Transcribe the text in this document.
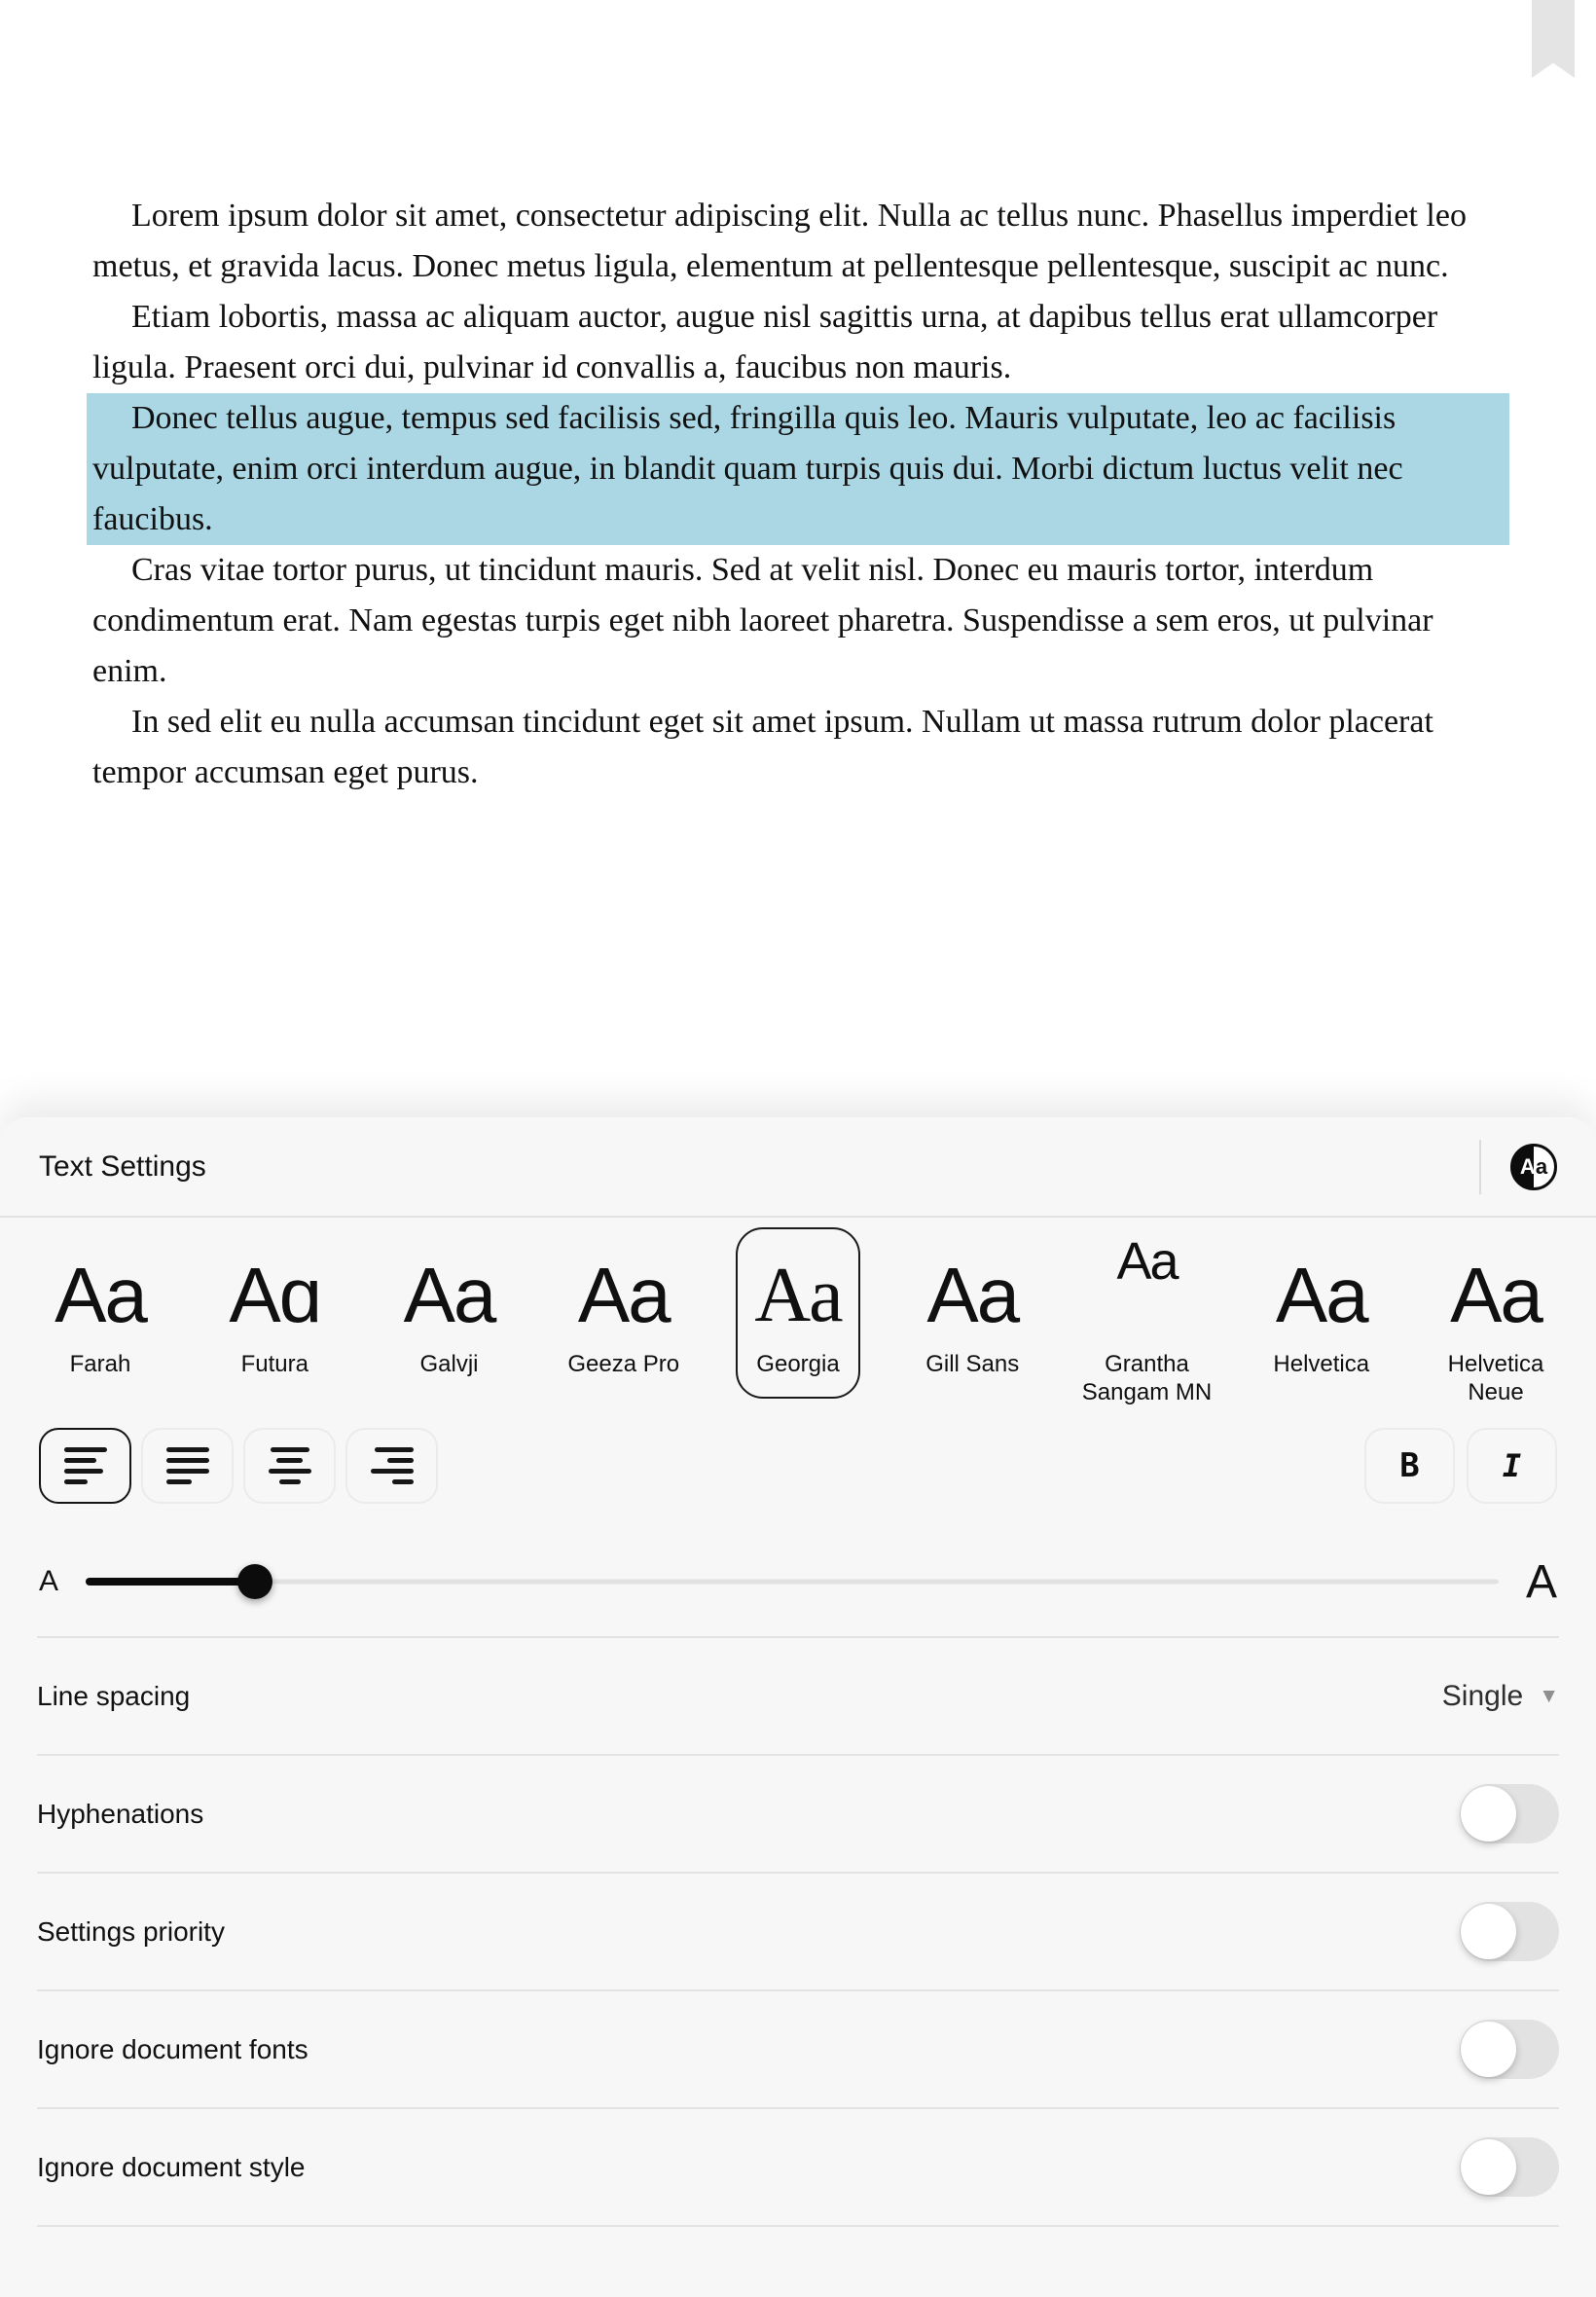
Lorem ipsum dolor sit amet, consectetur adipiscing elit. Nulla ac tellus nunc. Phasellus imperdiet leo metus, et gravida lacus. Donec metus ligula, elementum at pellentesque pellentesque, suscipit ac nunc.

Etiam lobortis, massa ac aliquam auctor, augue nisl sagittis urna, at dapibus tellus erat ullamcorper ligula. Praesent orci dui, pulvinar id convallis a, faucibus non mauris.

Donec tellus augue, tempus sed facilisis sed, fringilla quis leo. Mauris vulputate, leo ac facilisis vulputate, enim orci interdum augue, in blandit quam turpis quis dui. Morbi dictum luctus velit nec faucibus.

Cras vitae tortor purus, ut tincidunt mauris. Sed at velit nisl. Donec eu mauris tortor, interdum condimentum erat. Nam egestas turpis eget nibh laoreet pharetra. Suspendisse a sem eros, ut pulvinar enim.

In sed elit eu nulla accumsan tincidunt eget sit amet ipsum. Nullam ut massa rutrum dolor placerat tempor accumsan eget purus.

Text Settings	A a
Aa
Farah
Aɑ
Futura
Aa
Galvji
Aa
Geeza Pro
Aa
Georgia
Aa
Gill Sans
Aa
Grantha Sangam MN
Aa
Helvetica
Aa
Helvetica Neue
B	I
A	A
Line spacing	Single ▼
Hyphenations
Settings priority
Ignore document fonts
Ignore document style
